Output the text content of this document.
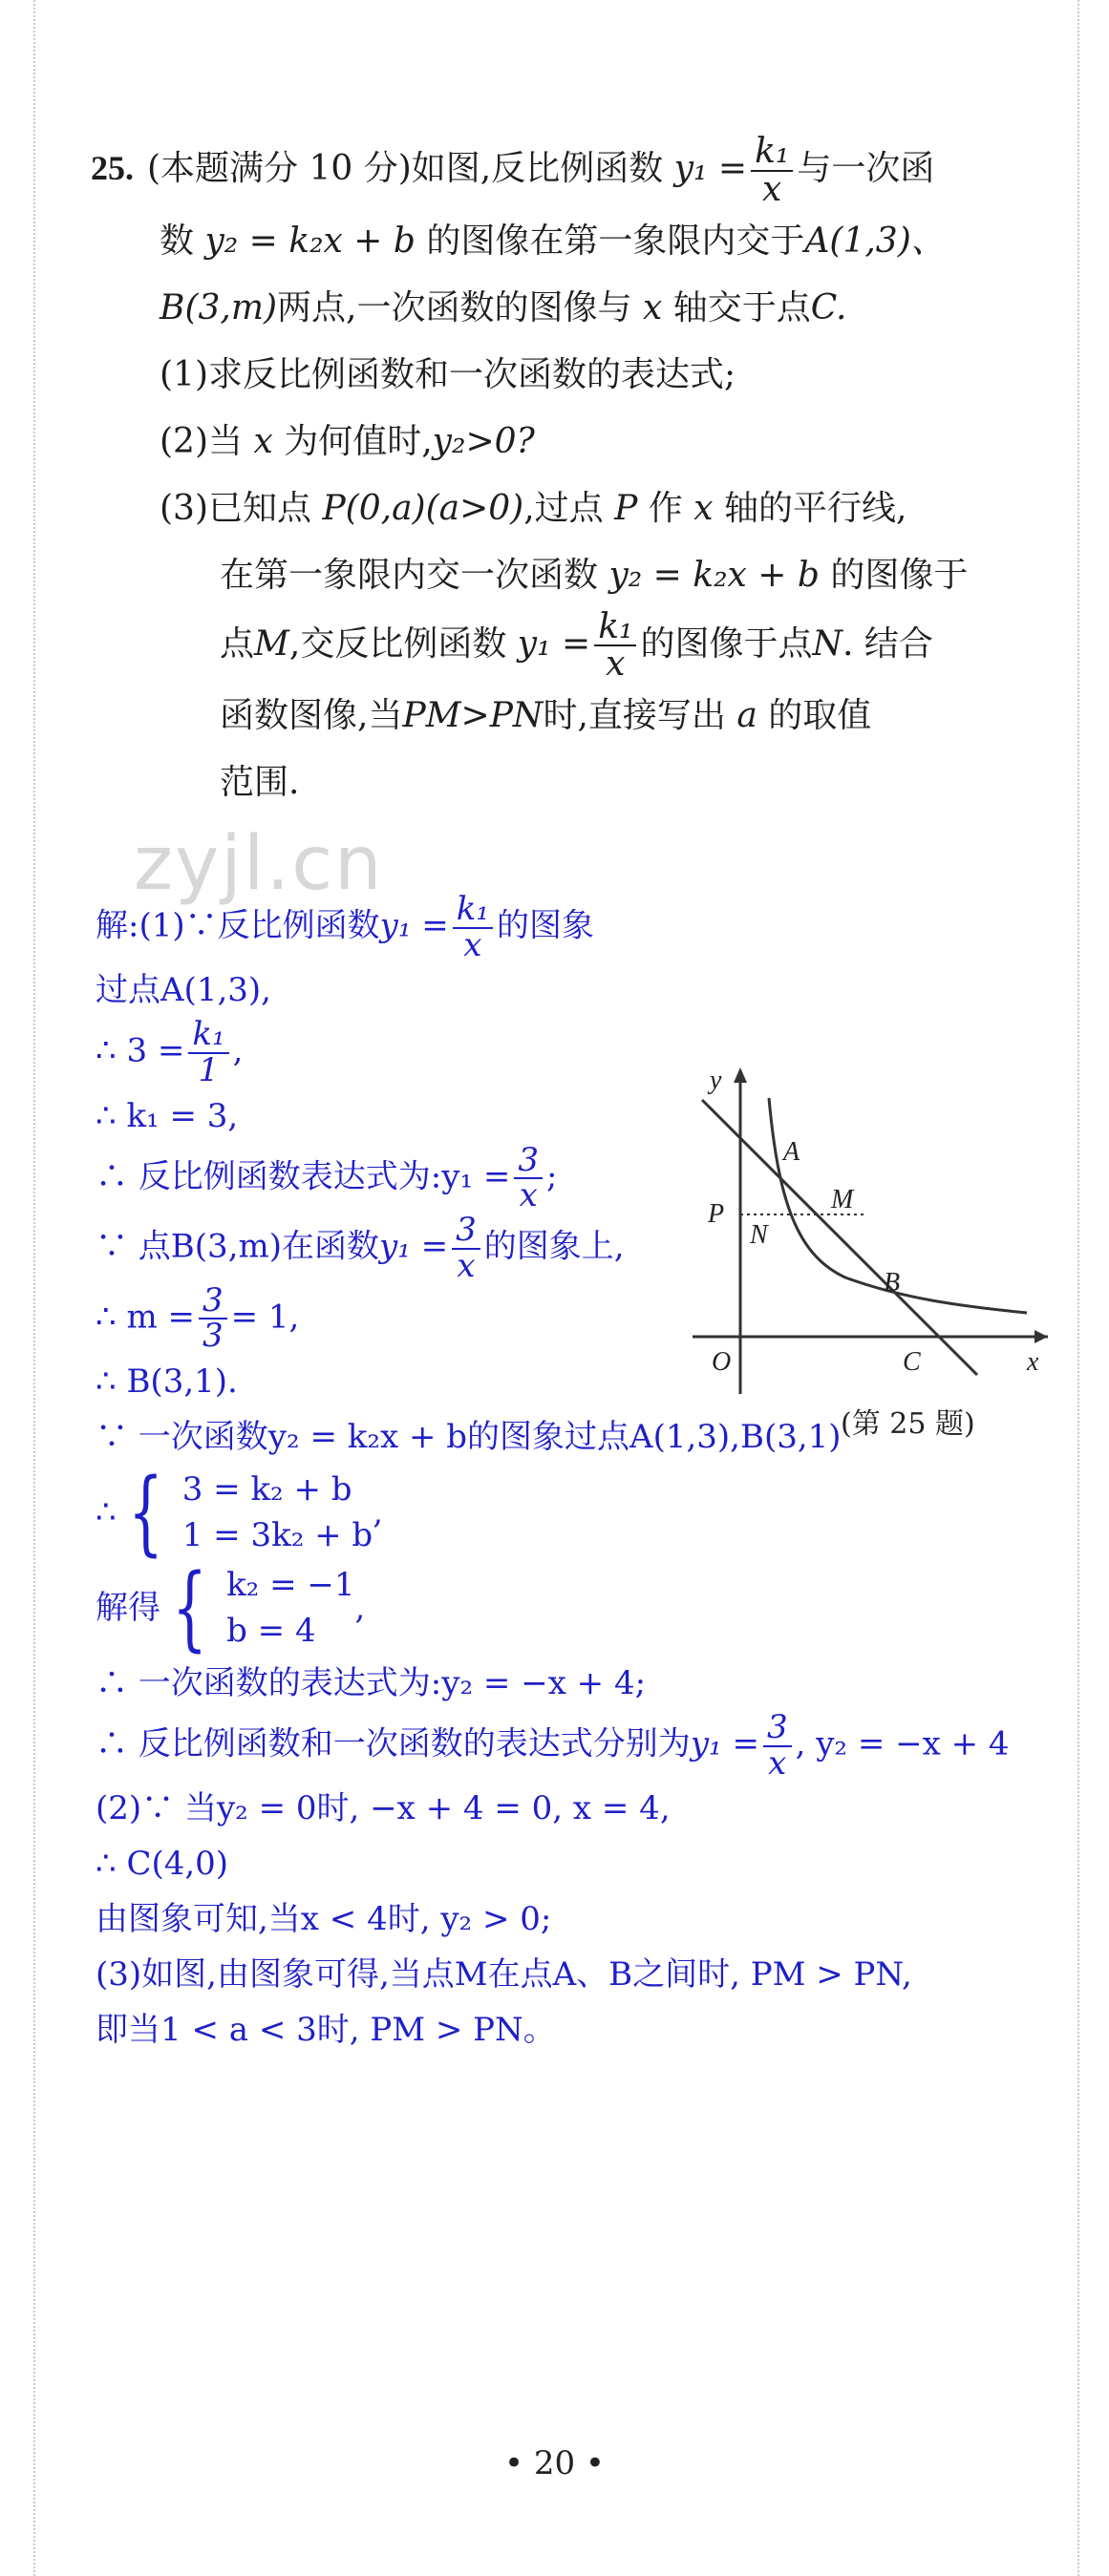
25. (本题满分 10 分)如图,反比例函数 $y_1 = \frac{\text{k₁}}{x}$ 与一次函
数 y₂ = k₂x + b 的图像在第一象限内交于A(1,3)、
B(3,m)两点,一次函数的图像与 x 轴交于点C.
(1)求反比例函数和一次函数的表达式;
(2)当 x 为何值时,y₂>0?
(3)已知点 P(0,a)(a>0),过点 P 作 x 轴的平行线,
在第一象限内交一次函数 y₂ = k₂x + b 的图像于
点M,交反比例函数 $y_1 = \frac{\text{k₁}}{x}$ 的图像于点N. 结合
函数图像,当PM>PN时,直接写出 a 的取值
范围.
zyjl.cn
解:(1)∵反比例函数$y_1 = \frac{\text{k₁}}{x}$ 的图象
过点A(1,3),
∴ $3 = \frac{\text{k₁}}{1}$ ,
∴ k₁ = 3,
∴ 反比例函数表达式为:y₁ = $\frac{3}{x}$ ;
∵ 点B(3,m)在函数$y_1 = \frac{3}{x}$ 的图象上,
∴ $m = \frac{3}{3} = 1$,
∴ B(3,1).
∵ 一次函数y₂ = k₂x + b的图象过点A(1,3),B(3,1)
∴ { 3 = k₂ + b
1 = 3k₂ + b
,
解得 { k₂ = −1
b = 4
,
∴ 一次函数的表达式为:y₂ = −x + 4;
∴ 反比例函数和一次函数的表达式分别为$y_1 = \frac{3}{x}$ , y₂ = −x + 4
(2)∵ 当y₂ = 0时, −x + 4 = 0, x = 4,
∴ C(4,0)
由图象可知,当x < 4时, y₂ > 0;
(3)如图,由图象可得,当点M在点A、B之间时, PM > PN,
即当1 < a < 3时, PM > PN。
y
x
O
A
B
C
P	M
N
(第 25 题)
• 20 •
